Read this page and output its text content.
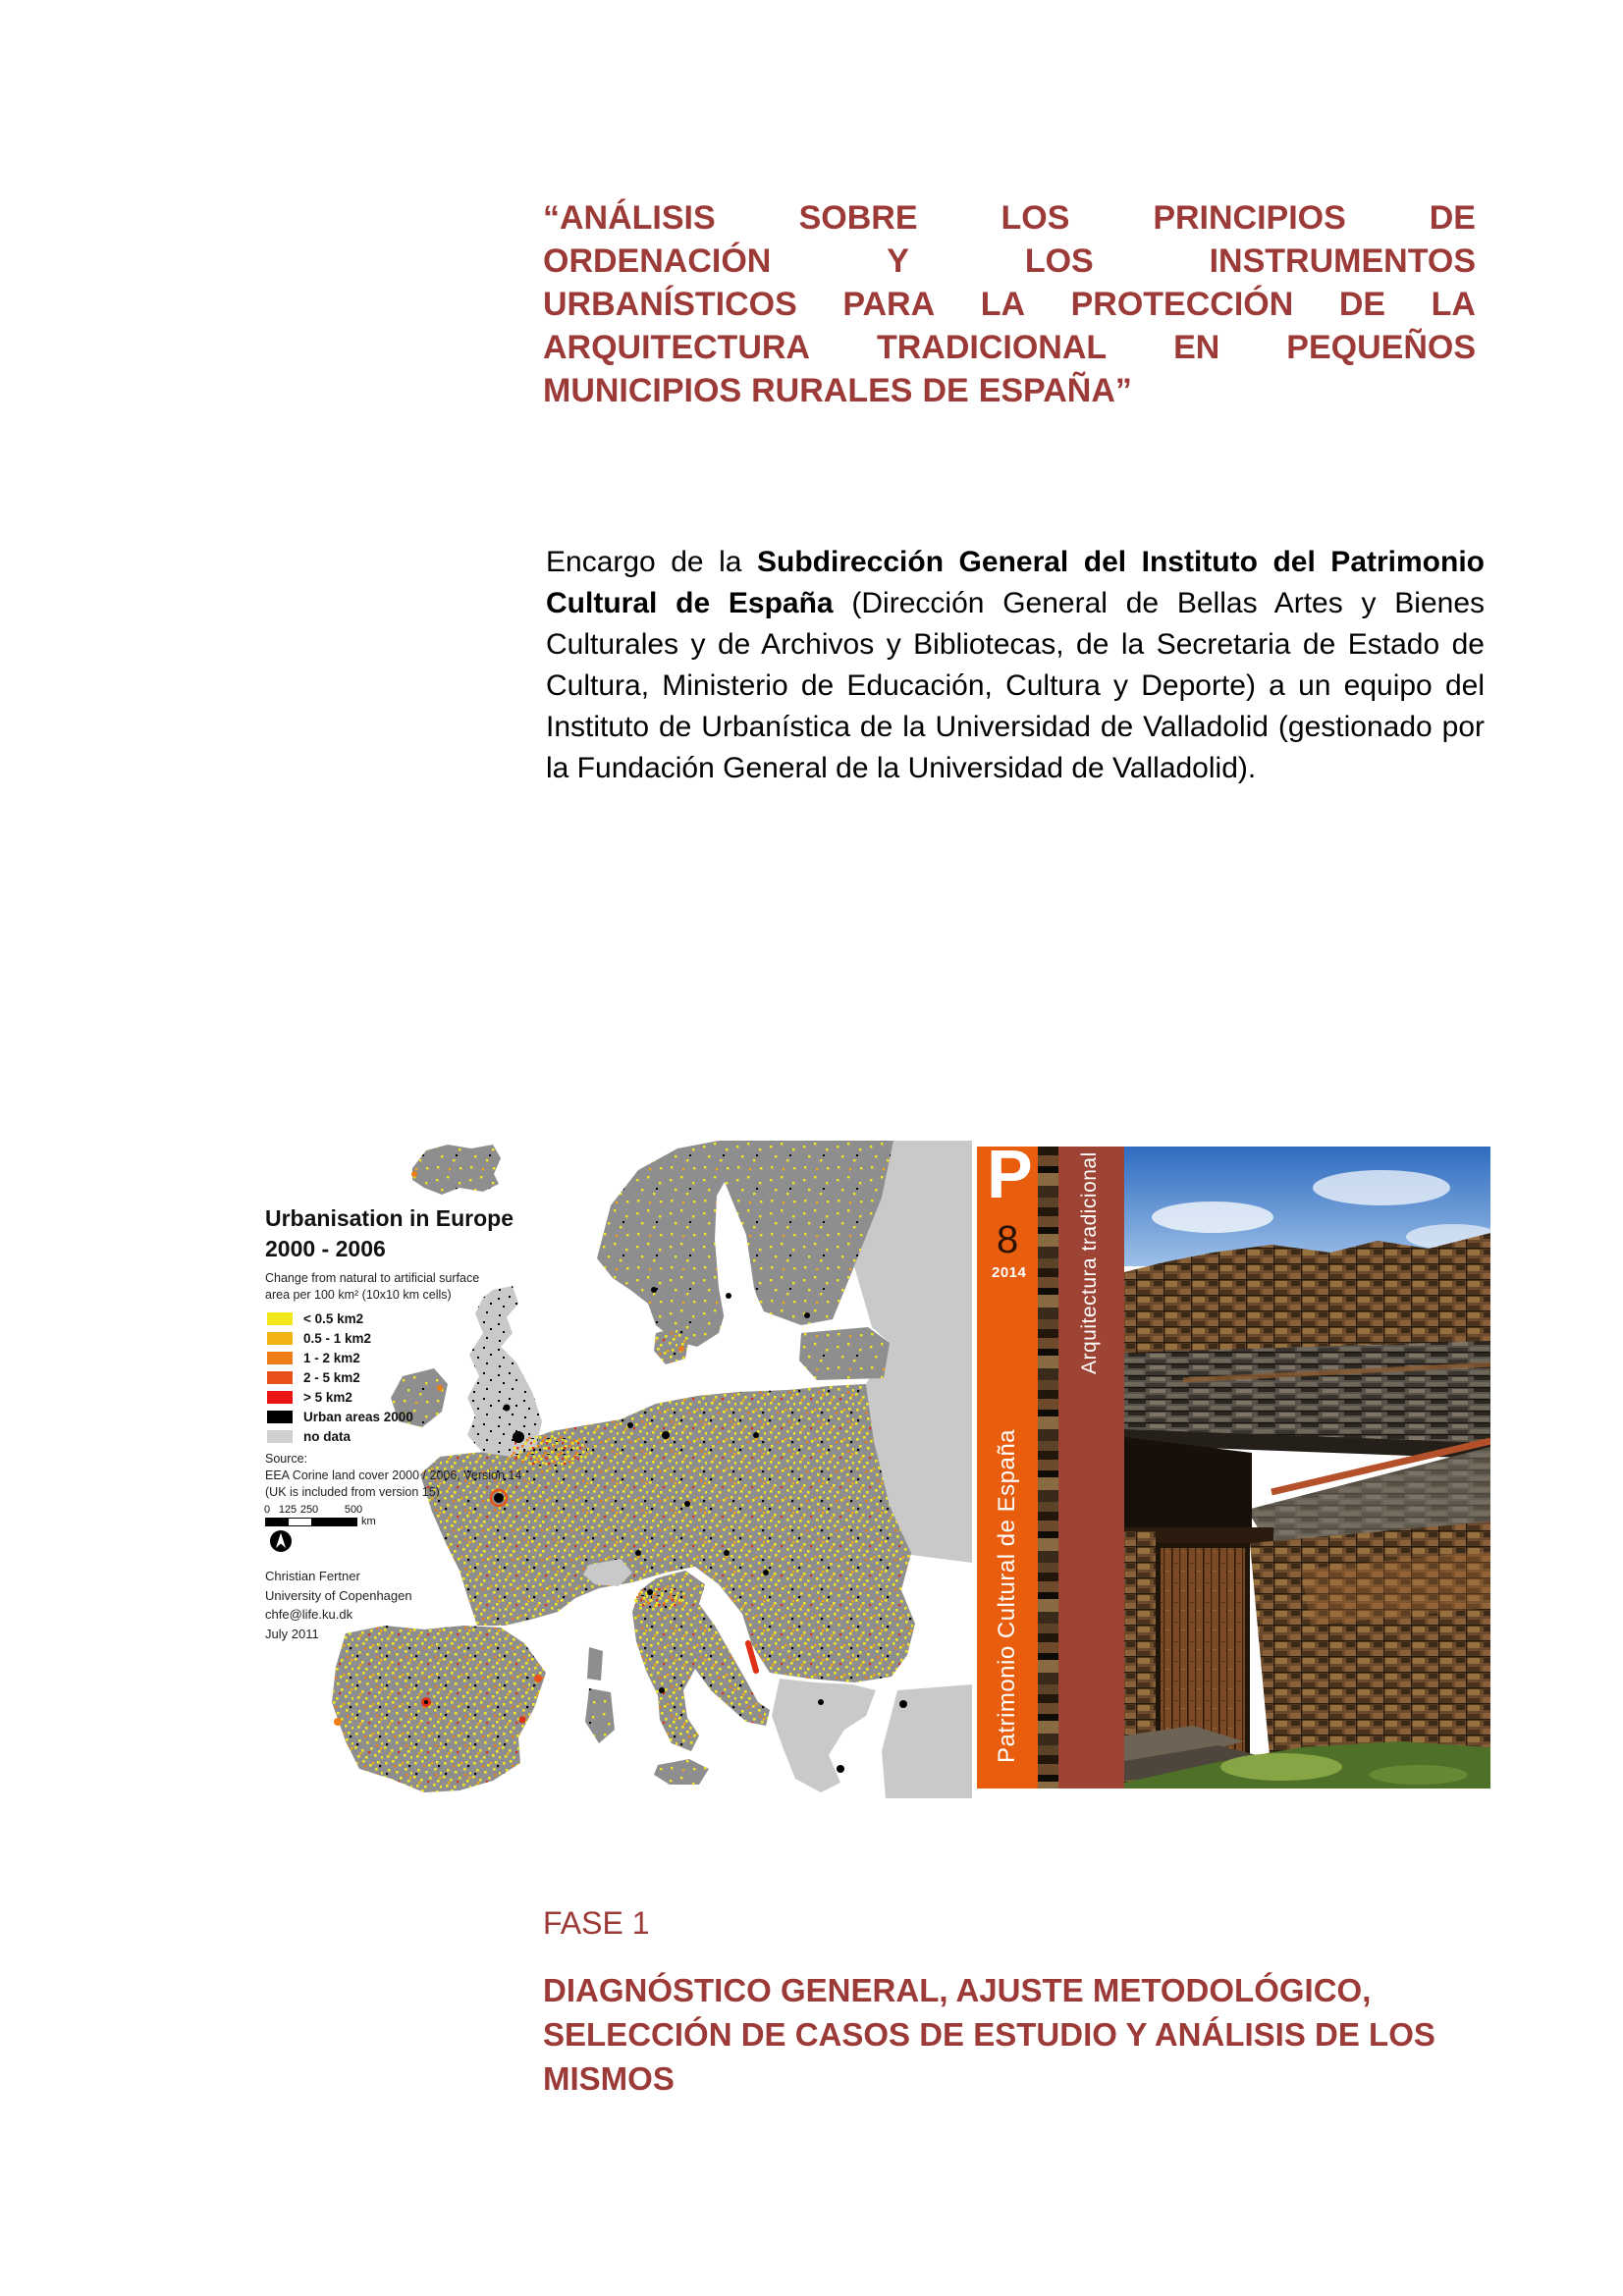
“ANÁLISIS SOBRE LOS PRINCIPIOS DE
ORDENACIÓN	Y	LOS	INSTRUMENTOS
URBANÍSTICOS PARA LA PROTECCIÓN DE LA
ARQUITECTURA TRADICIONAL EN PEQUEÑOS
MUNICIPIOS RURALES DE ESPAÑA”

Encargo de la Subdirección General del Instituto del Patrimonio Cultural de España (Dirección General de Bellas Artes y Bienes Culturales y de Archivos y Bibliotecas, de la Secretaria de Estado de Cultura, Ministerio de Educación, Cultura y Deporte) a un equipo del Instituto de Urbanística de la Universidad de Valladolid (gestionado por la Fundación General de la Universidad de Valladolid).

Urbanisation in Europe
2000 - 2006
Change from natural to artificial surface
area per 100 km² (10x10 km cells)
< 0.5 km2
0.5 - 1 km2
1 - 2 km2
2 - 5 km2
> 5 km2
Urban areas 2000
no data
Source:
EEA Corine land cover 2000 / 2006, Version 14
(UK is included from version 15)
0 125 250 500
km
Christian Fertner
University of Copenhagen
chfe@life.ku.dk
July 2011
P
8
2014
Patrimonio Cultural de España
Arquitectura tradicional
FASE 1
DIAGNÓSTICO GENERAL, AJUSTE METODOLÓGICO,
SELECCIÓN DE CASOS DE ESTUDIO Y ANÁLISIS DE LOS
MISMOS
